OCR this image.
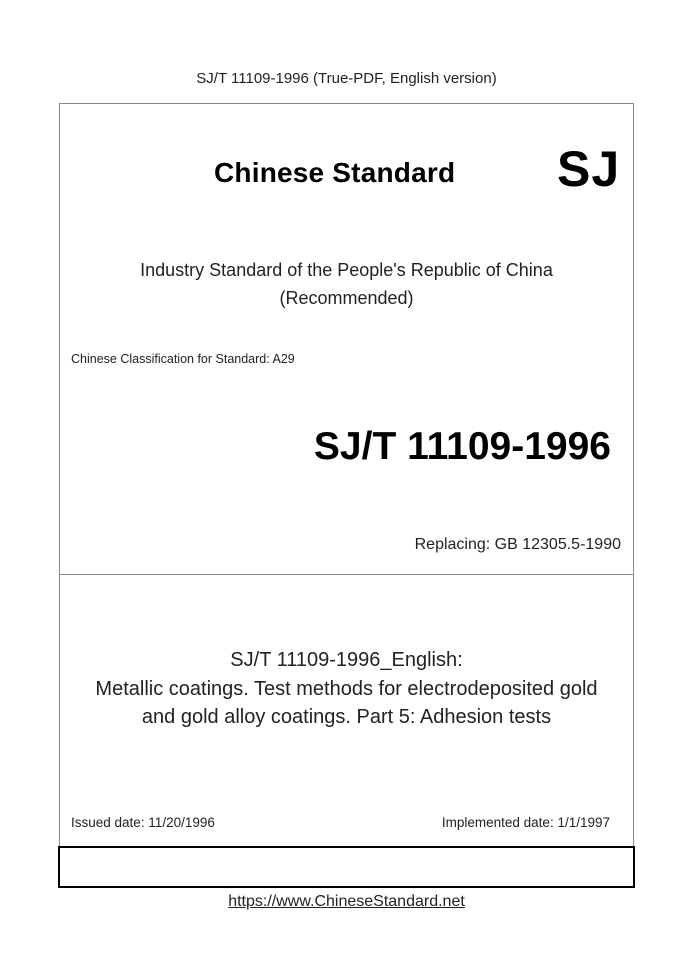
SJ/T 11109-1996 (True-PDF, English version)
Chinese Standard SJ
Industry Standard of the People's Republic of China
(Recommended)
Chinese Classification for Standard: A29
SJ/T 11109-1996
Replacing: GB 12305.5-1990
SJ/T 11109-1996_English:
Metallic coatings. Test methods for electrodeposited gold
and gold alloy coatings. Part 5: Adhesion tests
Issued date: 11/20/1996	Implemented date: 1/1/1997
https://www.ChineseStandard.net
